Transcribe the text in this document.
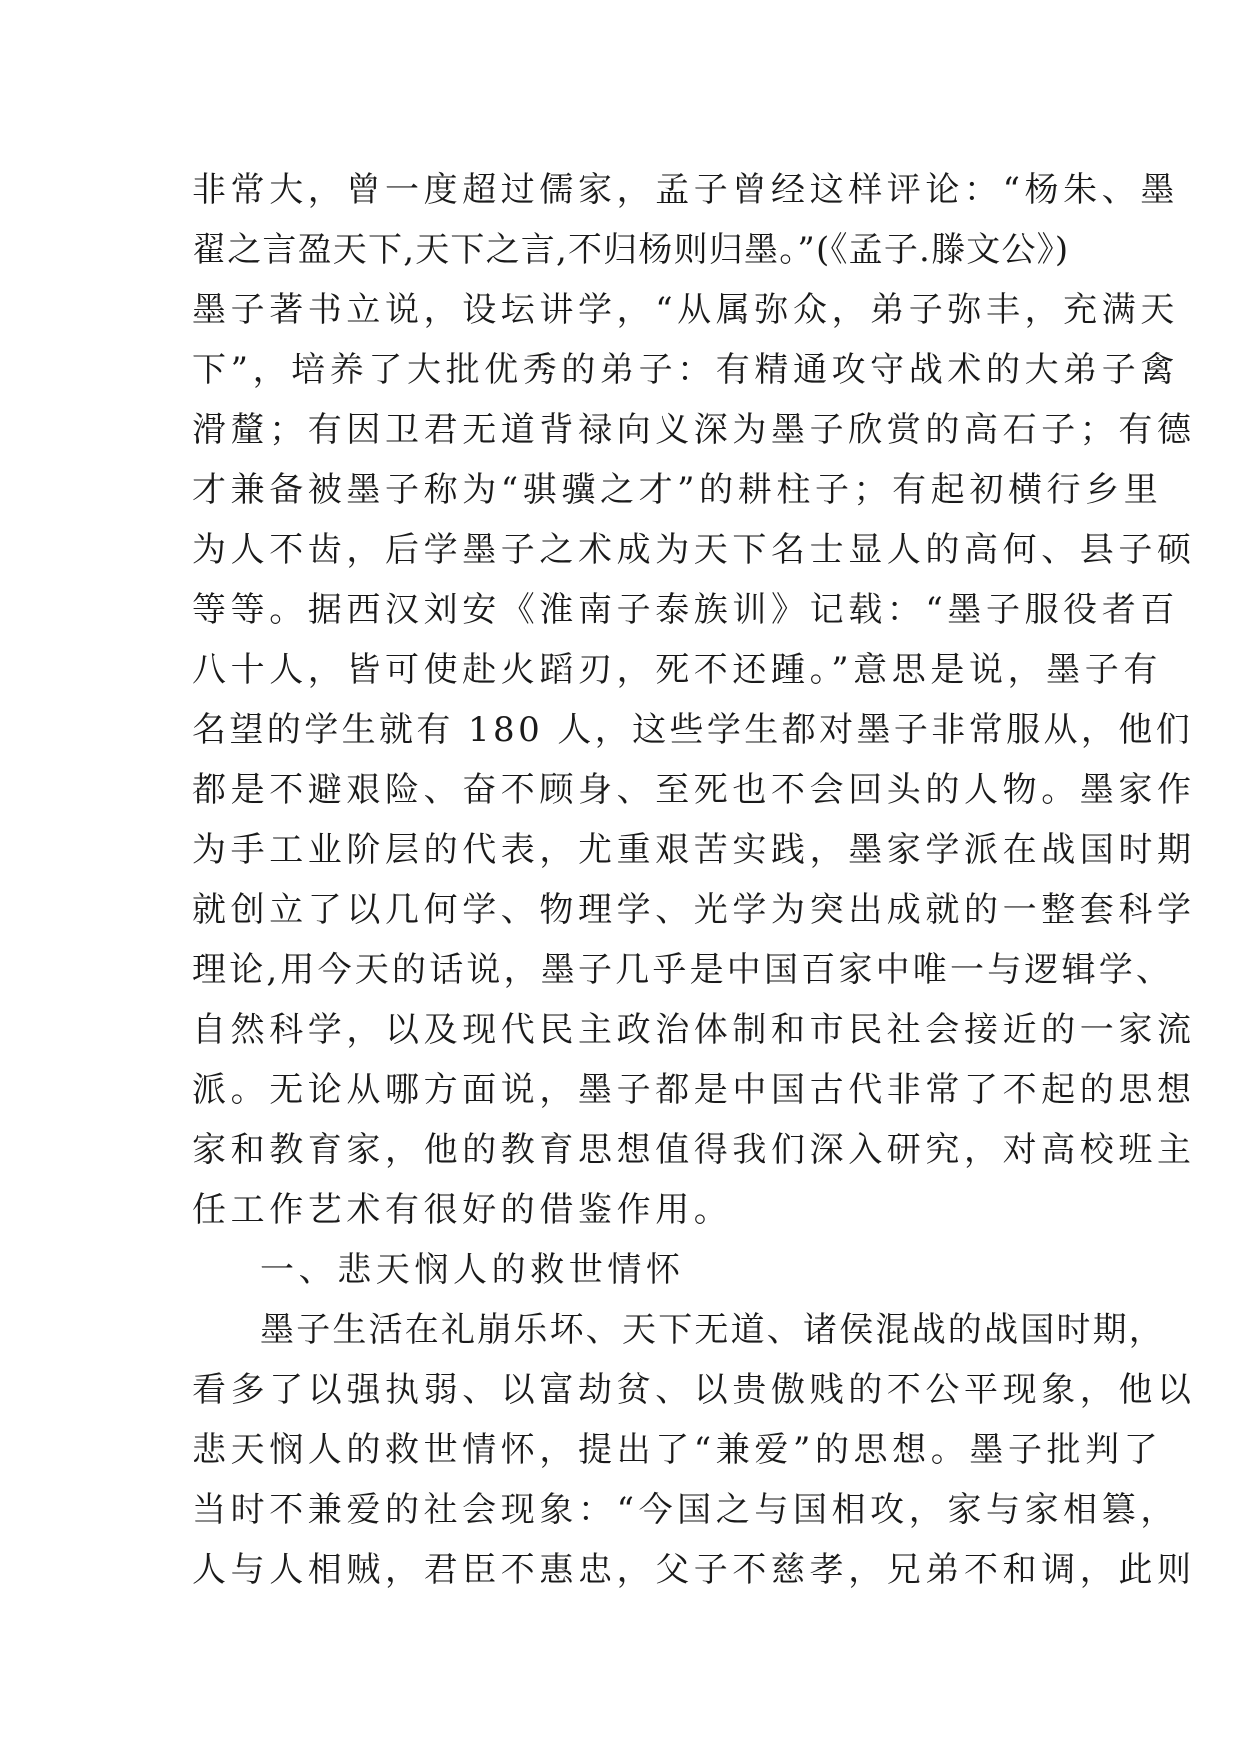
非常大，曾一度超过儒家，孟子曾经这样评论：“杨朱、墨
翟之言盈天下,天下之言,不归杨则归墨。”(《孟子.滕文公》)
墨子著书立说，设坛讲学，“从属弥众，弟子弥丰，充满天
下”，培养了大批优秀的弟子：有精通攻守战术的大弟子禽
滑釐；有因卫君无道背禄向义深为墨子欣赏的高石子；有德
才兼备被墨子称为“骐骥之才”的耕柱子；有起初横行乡里
为人不齿，后学墨子之术成为天下名士显人的高何、县子硕
等等。据西汉刘安《淮南子泰族训》记载：“墨子服役者百
八十人，皆可使赴火蹈刃，死不还踵。”意思是说，墨子有
名望的学生就有 180 人，这些学生都对墨子非常服从，他们
都是不避艰险、奋不顾身、至死也不会回头的人物。墨家作
为手工业阶层的代表，尤重艰苦实践，墨家学派在战国时期
就创立了以几何学、物理学、光学为突出成就的一整套科学
理论,用今天的话说，墨子几乎是中国百家中唯一与逻辑学、
自然科学，以及现代民主政治体制和市民社会接近的一家流
派。无论从哪方面说，墨子都是中国古代非常了不起的思想
家和教育家，他的教育思想值得我们深入研究，对高校班主
任工作艺术有很好的借鉴作用。
一、悲天悯人的救世情怀
墨子生活在礼崩乐坏、天下无道、诸侯混战的战国时期，
看多了以强执弱、以富劫贫、以贵傲贱的不公平现象，他以
悲天悯人的救世情怀，提出了“兼爱”的思想。墨子批判了
当时不兼爱的社会现象：“今国之与国相攻，家与家相篡，
人与人相贼，君臣不惠忠，父子不慈孝，兄弟不和调，此则
